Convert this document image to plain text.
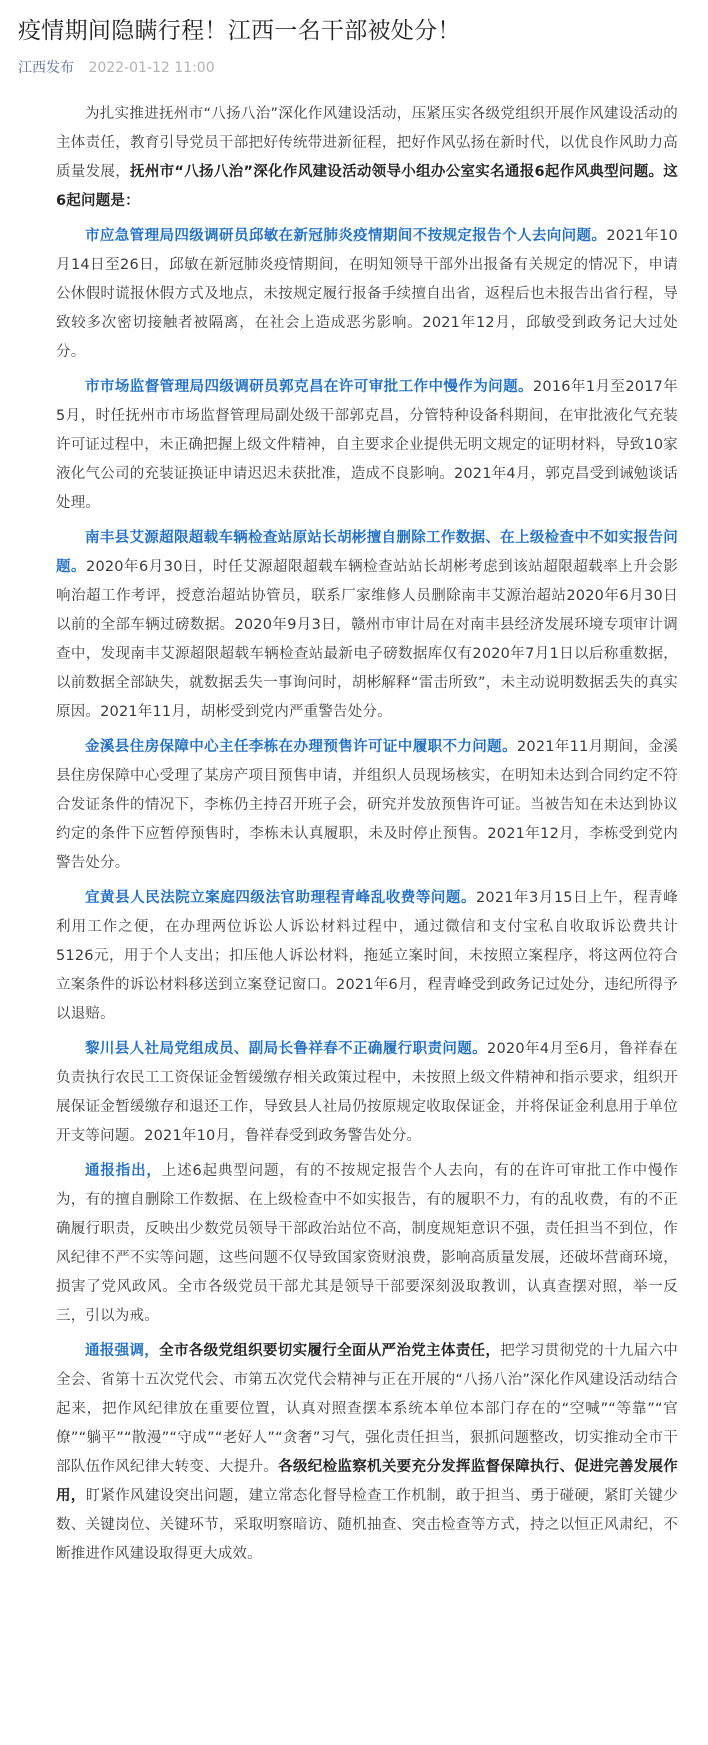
疫情期间隐瞒行程！江西一名干部被处分！
江西发布 2022-01-12 11:00

为扎实推进抚州市“八扬八治”深化作风建设活动，压紧压实各级党组织开展作风建设活动的主体责任，教育引导党员干部把好传统带进新征程，把好作风弘扬在新时代，以优良作风助力高质量发展，抚州市“八扬八治”深化作风建设活动领导小组办公室实名通报6起作风典型问题。这6起问题是：

市应急管理局四级调研员邱敏在新冠肺炎疫情期间不按规定报告个人去向问题。2021年10月14日至26日，邱敏在新冠肺炎疫情期间，在明知领导干部外出报备有关规定的情况下，申请公休假时谎报休假方式及地点，未按规定履行报备手续擅自出省，返程后也未报告出省行程，导致较多次密切接触者被隔离，在社会上造成恶劣影响。2021年12月，邱敏受到政务记大过处分。

市市场监督管理局四级调研员郭克昌在许可审批工作中慢作为问题。2016年1月至2017年5月，时任抚州市市场监督管理局副处级干部郭克昌，分管特种设备科期间，在审批液化气充装许可证过程中，未正确把握上级文件精神，自主要求企业提供无明文规定的证明材料，导致10家液化气公司的充装证换证申请迟迟未获批准，造成不良影响。2021年4月，郭克昌受到诫勉谈话处理。

南丰县艾源超限超载车辆检查站原站长胡彬擅自删除工作数据、在上级检查中不如实报告问题。2020年6月30日，时任艾源超限超载车辆检查站站长胡彬考虑到该站超限超载率上升会影响治超工作考评，授意治超站协管员，联系厂家维修人员删除南丰艾源治超站2020年6月30日以前的全部车辆过磅数据。2020年9月3日，赣州市审计局在对南丰县经济发展环境专项审计调查中，发现南丰艾源超限超载车辆检查站最新电子磅数据库仅有2020年7月1日以后称重数据，以前数据全部缺失，就数据丢失一事询问时，胡彬解释“雷击所致”，未主动说明数据丢失的真实原因。2021年11月，胡彬受到党内严重警告处分。

金溪县住房保障中心主任李栋在办理预售许可证中履职不力问题。2021年11月期间，金溪县住房保障中心受理了某房产项目预售申请，并组织人员现场核实，在明知未达到合同约定不符合发证条件的情况下，李栋仍主持召开班子会，研究并发放预售许可证。当被告知在未达到协议约定的条件下应暂停预售时，李栋未认真履职，未及时停止预售。2021年12月，李栋受到党内警告处分。

宜黄县人民法院立案庭四级法官助理程青峰乱收费等问题。2021年3月15日上午，程青峰利用工作之便，在办理两位诉讼人诉讼材料过程中，通过微信和支付宝私自收取诉讼费共计5126元，用于个人支出；扣压他人诉讼材料，拖延立案时间，未按照立案程序，将这两位符合立案条件的诉讼材料移送到立案登记窗口。2021年6月，程青峰受到政务记过处分，违纪所得予以退赔。

黎川县人社局党组成员、副局长鲁祥春不正确履行职责问题。2020年4月至6月，鲁祥春在负责执行农民工工资保证金暂缓缴存相关政策过程中，未按照上级文件精神和指示要求，组织开展保证金暂缓缴存和退还工作，导致县人社局仍按原规定收取保证金，并将保证金利息用于单位开支等问题。2021年10月，鲁祥春受到政务警告处分。

通报指出，上述6起典型问题，有的不按规定报告个人去向，有的在许可审批工作中慢作为，有的擅自删除工作数据、在上级检查中不如实报告，有的履职不力，有的乱收费，有的不正确履行职责，反映出少数党员领导干部政治站位不高，制度规矩意识不强，责任担当不到位，作风纪律不严不实等问题，这些问题不仅导致国家资财浪费，影响高质量发展，还破坏营商环境，损害了党风政风。全市各级党员干部尤其是领导干部要深刻汲取教训，认真查摆对照，举一反三，引以为戒。

通报强调，全市各级党组织要切实履行全面从严治党主体责任，把学习贯彻党的十九届六中全会、省第十五次党代会、市第五次党代会精神与正在开展的“八扬八治”深化作风建设活动结合起来，把作风纪律放在重要位置，认真对照查摆本系统本单位本部门存在的“空喊”“等靠”“官僚”“躺平”“散漫”“守成”“老好人”“贪奢”习气，强化责任担当，狠抓问题整改，切实推动全市干部队伍作风纪律大转变、大提升。各级纪检监察机关要充分发挥监督保障执行、促进完善发展作用，盯紧作风建设突出问题，建立常态化督导检查工作机制，敢于担当、勇于碰硬，紧盯关键少数、关键岗位、关键环节，采取明察暗访、随机抽查、突击检查等方式，持之以恒正风肃纪，不断推进作风建设取得更大成效。
